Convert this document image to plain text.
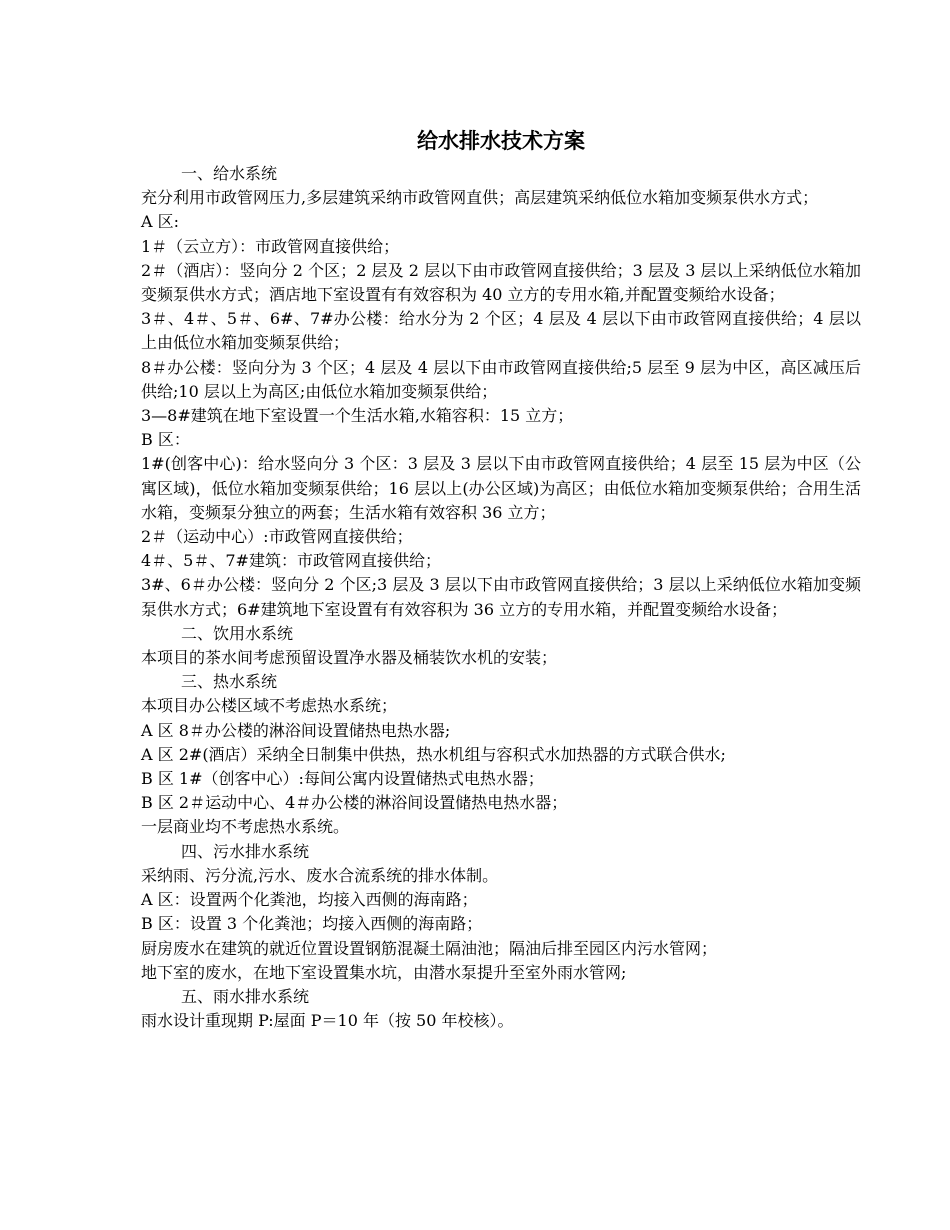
给水排水技术方案
一、给水系统
充分利用市政管网压力,多层建筑采纳市政管网直供；高层建筑采纳低位水箱加变频泵供水方式；
A 区:
1＃（云立方）：市政管网直接供给；
2＃（酒店）：竖向分 2 个区；2 层及 2 层以下由市政管网直接供给；3 层及 3 层以上采纳低位水箱加变频泵供水方式；酒店地下室设置有有效容积为 40 立方的专用水箱,并配置变频给水设备；
3＃、4＃、5＃、6#、7#办公楼：给水分为 2 个区；4 层及 4 层以下由市政管网直接供给；4 层以上由低位水箱加变频泵供给；
8＃办公楼：竖向分为 3 个区；4 层及 4 层以下由市政管网直接供给;5 层至 9 层为中区，高区减压后供给;10 层以上为高区;由低位水箱加变频泵供给；
3—8#建筑在地下室设置一个生活水箱,水箱容积：15 立方；
B 区：
1#(创客中心)：给水竖向分 3 个区：3 层及 3 层以下由市政管网直接供给；4 层至 15 层为中区（公寓区域)，低位水箱加变频泵供给；16 层以上(办公区域)为高区；由低位水箱加变频泵供给；合用生活水箱，变频泵分独立的两套；生活水箱有效容积 36 立方；
2＃（运动中心）:市政管网直接供给；
4＃、5＃、7#建筑：市政管网直接供给；
3#、6＃办公楼：竖向分 2 个区;3 层及 3 层以下由市政管网直接供给；3 层以上采纳低位水箱加变频泵供水方式；6#建筑地下室设置有有效容积为 36 立方的专用水箱，并配置变频给水设备；
二、饮用水系统
本项目的茶水间考虑预留设置净水器及桶装饮水机的安装；
三、热水系统
本项目办公楼区域不考虑热水系统；
A 区 8＃办公楼的淋浴间设置储热电热水器;
A 区 2#(酒店）采纳全日制集中供热，热水机组与容积式水加热器的方式联合供水;
B 区 1#（创客中心）:每间公寓内设置储热式电热水器；
B 区 2＃运动中心、4＃办公楼的淋浴间设置储热电热水器；
一层商业均不考虑热水系统。
四、污水排水系统
采纳雨、污分流,污水、废水合流系统的排水体制。
A 区：设置两个化粪池，均接入西侧的海南路；
B 区：设置 3 个化粪池；均接入西侧的海南路；
厨房废水在建筑的就近位置设置钢筋混凝土隔油池；隔油后排至园区内污水管网；
地下室的废水，在地下室设置集水坑，由潜水泵提升至室外雨水管网;
五、雨水排水系统
雨水设计重现期 P:屋面 P＝10 年（按 50 年校核）。
